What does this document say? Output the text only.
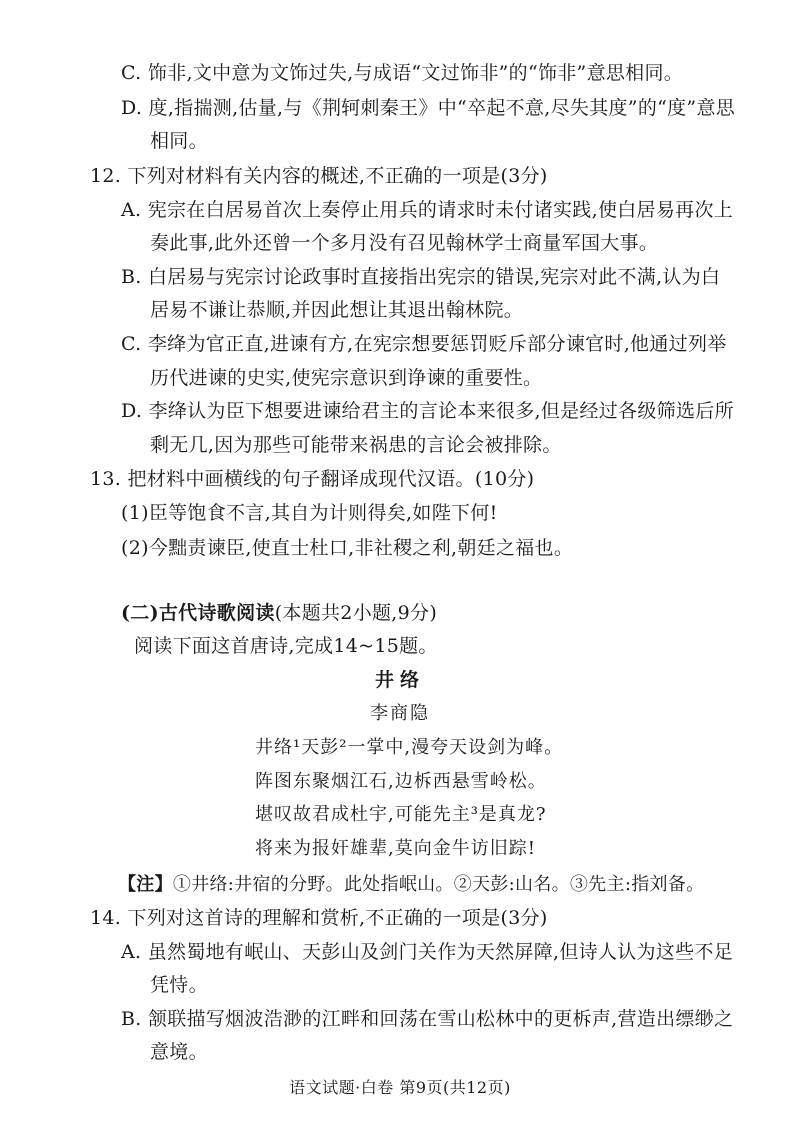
C. 饰非,文中意为文饰过失,与成语“文过饰非”的“饰非”意思相同。
D. 度,指揣测,估量,与《荆轲刺秦王》中“卒起不意,尽失其度”的“度”意思
相同。
12. 下列对材料有关内容的概述,不正确的一项是(3分)
A. 宪宗在白居易首次上奏停止用兵的请求时未付诸实践,使白居易再次上
奏此事,此外还曾一个多月没有召见翰林学士商量军国大事。
B. 白居易与宪宗讨论政事时直接指出宪宗的错误,宪宗对此不满,认为白
居易不谦让恭顺,并因此想让其退出翰林院。
C. 李绛为官正直,进谏有方,在宪宗想要惩罚贬斥部分谏官时,他通过列举
历代进谏的史实,使宪宗意识到诤谏的重要性。
D. 李绛认为臣下想要进谏给君主的言论本来很多,但是经过各级筛选后所
剩无几,因为那些可能带来祸患的言论会被排除。
13. 把材料中画横线的句子翻译成现代汉语。(10分)
(1)臣等饱食不言,其自为计则得矣,如陛下何!
(2)今黜责谏臣,使直士杜口,非社稷之利,朝廷之福也。
(二)古代诗歌阅读(本题共2小题,9分)
阅读下面这首唐诗,完成14~15题。
井络
李商隐
井络¹天彭²一掌中,漫夸天设剑为峰。
阵图东聚烟江石,边柝西悬雪岭松。
堪叹故君成杜宇,可能先主³是真龙?
将来为报奸雄辈,莫向金牛访旧踪!
【注】①井络:井宿的分野。此处指岷山。②天彭:山名。③先主:指刘备。
14. 下列对这首诗的理解和赏析,不正确的一项是(3分)
A. 虽然蜀地有岷山、天彭山及剑门关作为天然屏障,但诗人认为这些不足
凭恃。
B. 颔联描写烟波浩渺的江畔和回荡在雪山松林中的更柝声,营造出缥缈之
意境。
语文试题·白卷 第9页(共12页)
